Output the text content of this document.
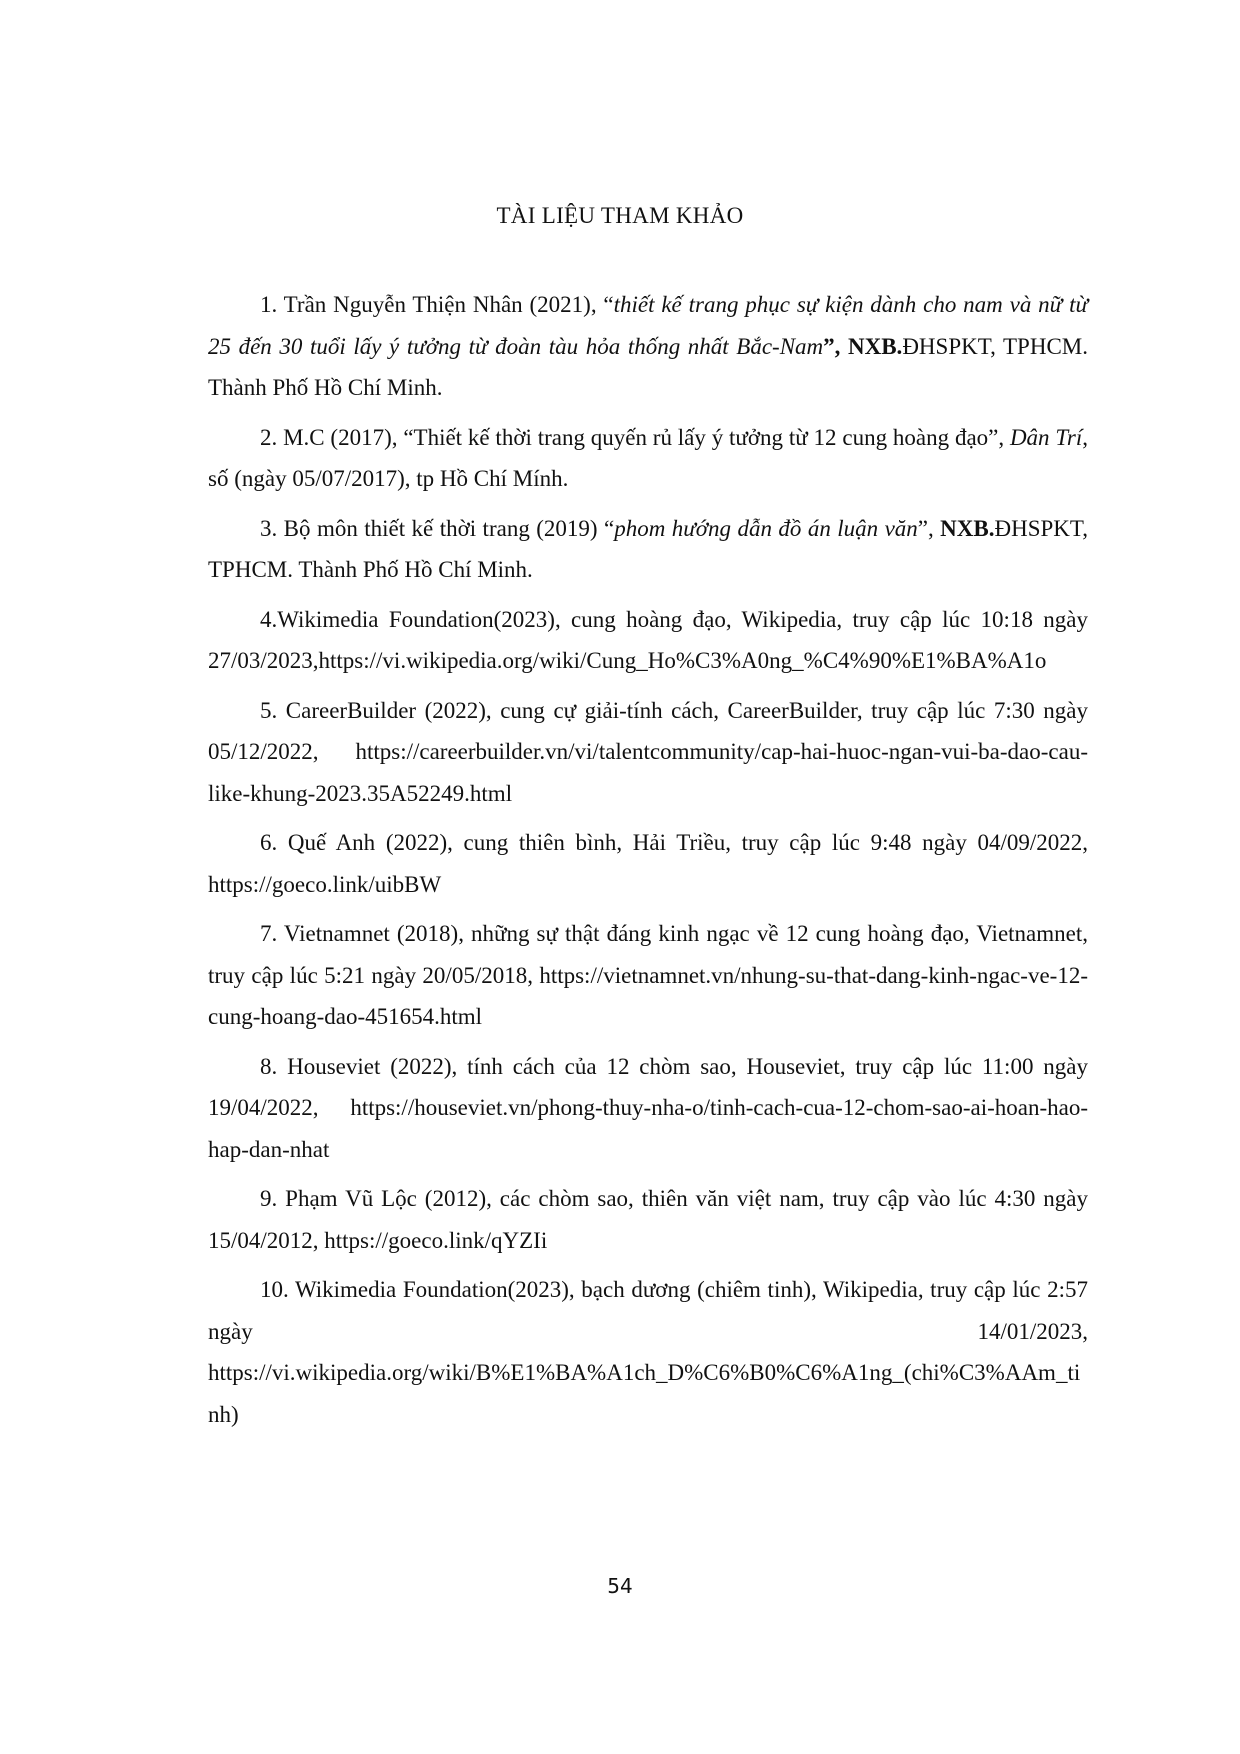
TÀI LIỆU THAM KHẢO

1. Trần Nguyễn Thiện Nhân (2021), “thiết kế trang phục sự kiện dành cho nam và nữ từ 25 đến 30 tuổi lấy ý tưởng từ đoàn tàu hỏa thống nhất Bắc-Nam”, NXB.ĐHSPKT, TPHCM. Thành Phố Hồ Chí Minh.

2. M.C (2017), “Thiết kế thời trang quyến rủ lấy ý tưởng từ 12 cung hoàng đạo”, Dân Trí, số (ngày 05/07/2017), tp Hồ Chí Mính.

3. Bộ môn thiết kế thời trang (2019) “phom hướng dẫn đồ án luận văn”, NXB.ĐHSPKT, TPHCM. Thành Phố Hồ Chí Minh.

4.Wikimedia Foundation(2023), cung hoàng đạo, Wikipedia, truy cập lúc 10:18 ngày 27/03/2023,https://vi.wikipedia.org/wiki/Cung_Ho%C3%A0ng_%C4%90%E1%BA%A1o

5. CareerBuilder (2022), cung cự giải-tính cách, CareerBuilder, truy cập lúc 7:30 ngày 05/12/2022, https://careerbuilder.vn/vi/talentcommunity/cap-hai-huoc-ngan-vui-ba-dao-cau-like-khung-2023.35A52249.html

6. Quế Anh (2022), cung thiên bình, Hải Triều, truy cập lúc 9:48 ngày 04/09/2022, https://goeco.link/uibBW

7. Vietnamnet (2018), những sự thật đáng kinh ngạc về 12 cung hoàng đạo, Vietnamnet, truy cập lúc 5:21 ngày 20/05/2018, https://vietnamnet.vn/nhung-su-that-dang-kinh-ngac-ve-12-cung-hoang-dao-451654.html

8. Houseviet (2022), tính cách của 12 chòm sao, Houseviet, truy cập lúc 11:00 ngày 19/04/2022, https://houseviet.vn/phong-thuy-nha-o/tinh-cach-cua-12-chom-sao-ai-hoan-hao-hap-dan-nhat

9. Phạm Vũ Lộc (2012), các chòm sao, thiên văn việt nam, truy cập vào lúc 4:30 ngày 15/04/2012, https://goeco.link/qYZIi

10. Wikimedia Foundation(2023), bạch dương (chiêm tinh), Wikipedia, truy cập lúc 2:57 ngày 14/01/2023, https://vi.wikipedia.org/wiki/B%E1%BA%A1ch_D%C6%B0%C6%A1ng_(chi%C3%AAm_tinh)

54
